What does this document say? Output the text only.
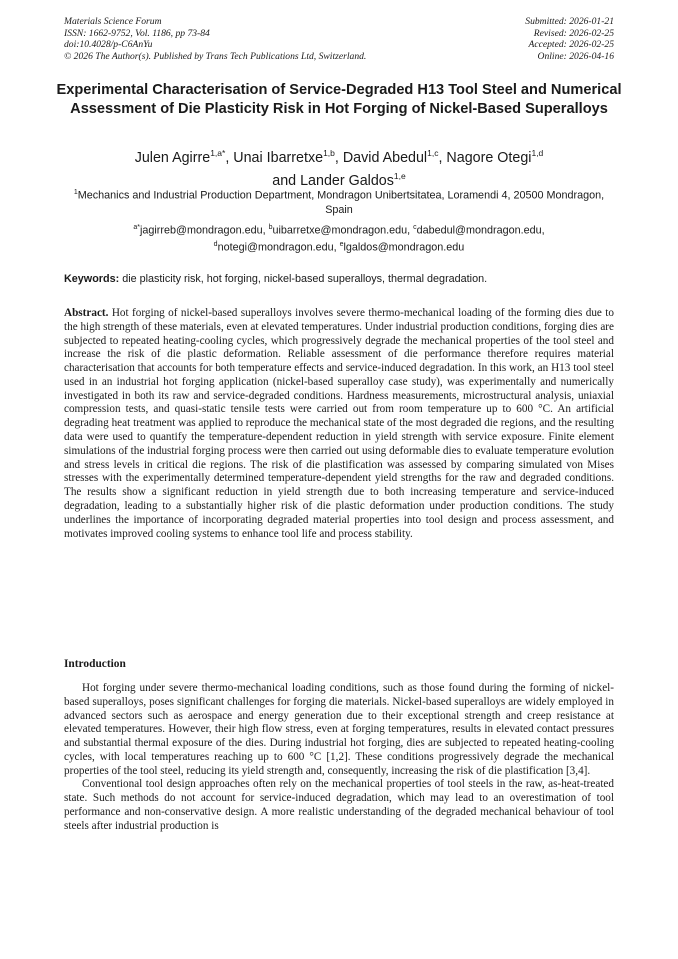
Materials Science Forum
ISSN: 1662-9752, Vol. 1186, pp 73-84
doi:10.4028/p-C6AnYu
© 2026 The Author(s). Published by Trans Tech Publications Ltd, Switzerland.
Submitted: 2026-01-21
Revised: 2026-02-25
Accepted: 2026-02-25
Online: 2026-04-16
Experimental Characterisation of Service-Degraded H13 Tool Steel and Numerical Assessment of Die Plasticity Risk in Hot Forging of Nickel-Based Superalloys
Julen Agirre$^{1,a*}$, Unai Ibarretxe$^{1,b}$, David Abedul$^{1,c}$, Nagore Otegi$^{1,d}$
and Lander Galdos$^{1,e}$
$^1$Mechanics and Industrial Production Department, Mondragon Unibertsitatea, Loramendi 4, 20500 Mondragon, Spain
$^{a*}$jagirreb@mondragon.edu, $^b$uibarretxe@mondragon.edu, $^c$dabedul@mondragon.edu,
$^d$notegi@mondragon.edu, $^e$lgaldos@mondragon.edu
Keywords: die plasticity risk, hot forging, nickel-based superalloys, thermal degradation.
Abstract. Hot forging of nickel-based superalloys involves severe thermo-mechanical loading of the forming dies due to the high strength of these materials, even at elevated temperatures. Under industrial production conditions, forging dies are subjected to repeated heating-cooling cycles, which progressively degrade the mechanical properties of the tool steel and increase the risk of die plastic deformation. Reliable assessment of die performance therefore requires material characterisation that accounts for both temperature effects and service-induced degradation. In this work, an H13 tool steel used in an industrial hot forging application (nickel-based superalloy case study), was experimentally and numerically investigated in both its raw and service-degraded conditions. Hardness measurements, microstructural analysis, uniaxial compression tests, and quasi-static tensile tests were carried out from room temperature up to 600 °C. An artificial degrading heat treatment was applied to reproduce the mechanical state of the most degraded die regions, and the resulting data were used to quantify the temperature-dependent reduction in yield strength with service exposure. Finite element simulations of the industrial forging process were then carried out using deformable dies to evaluate temperature evolution and stress levels in critical die regions. The risk of die plastification was assessed by comparing simulated von Mises stresses with the experimentally determined temperature-dependent yield strengths for the raw and degraded conditions. The results show a significant reduction in yield strength due to both increasing temperature and service-induced degradation, leading to a substantially higher risk of die plastic deformation under production conditions. The study underlines the importance of incorporating degraded material properties into tool design and process assessment, and motivates improved cooling systems to enhance tool life and process stability.
Introduction

Hot forging under severe thermo-mechanical loading conditions, such as those found during the forming of nickel-based superalloys, poses significant challenges for forging die materials. Nickel-based superalloys are widely employed in advanced sectors such as aerospace and energy generation due to their exceptional strength and creep resistance at elevated temperatures. However, their high flow stress, even at forging temperatures, results in elevated contact pressures and substantial thermal exposure of the dies. During industrial hot forging, dies are subjected to repeated heating-cooling cycles, with local temperatures reaching up to 600 °C [1,2]. These conditions progressively degrade the mechanical properties of the tool steel, reducing its yield strength and, consequently, increasing the risk of die plastification [3,4].

Conventional tool design approaches often rely on the mechanical properties of tool steels in the raw, as-heat-treated state. Such methods do not account for service-induced degradation, which may lead to an overestimation of tool performance and non-conservative design. A more realistic understanding of the degraded mechanical behaviour of tool steels after industrial production is
